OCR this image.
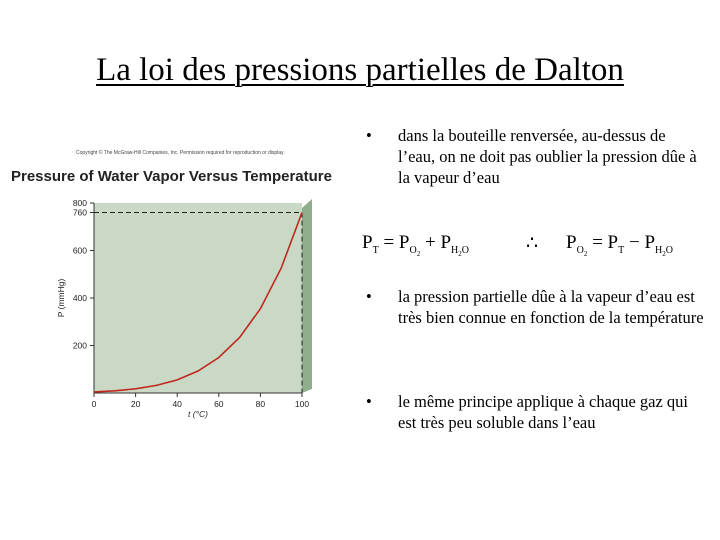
La loi des pressions partielles de Dalton
Copyright © The McGraw-Hill Companies, Inc. Permission required for reproduction or display.
Pressure of Water Vapor Versus Temperature
200
400
600
760
800
0	20	40	60	80	100
t (°C)
P (mmHg)
• dans la bouteille renversée, au-dessus de l’eau, on ne doit pas oublier la pression dûe à la vapeur d’eau
• la pression partielle dûe à la vapeur d’eau est très bien connue en fonction de la température
• le même principe applique à chaque gaz qui est très peu soluble dans l’eau
$P_T = P_{O_2} + P_{H_2O}$	∴ $P_{O_2} = P_T - P_{H_2O}$
